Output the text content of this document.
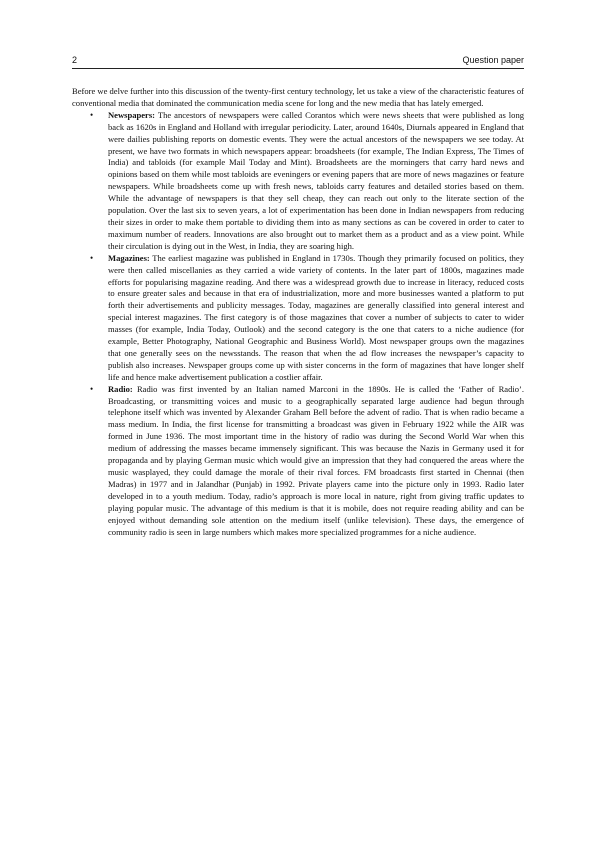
2	Question paper

Before we delve further into this discussion of the twenty-first century technology, let us take a view of the characteristic features of conventional media that dominated the communication media scene for long and the new media that has lately emerged.

• Newspapers: The ancestors of newspapers were called Corantos which were news sheets that were published as long back as 1620s in England and Holland with irregular periodicity. Later, around 1640s, Diurnals appeared in England that were dailies publishing reports on domestic events. They were the actual ancestors of the newspapers we see today. At present, we have two formats in which newspapers appear: broadsheets (for example, The Indian Express, The Times of India) and tabloids (for example Mail Today and Mint). Broadsheets are the morningers that carry hard news and opinions based on them while most tabloids are eveningers or evening papers that are more of news magazines or feature newspapers. While broadsheets come up with fresh news, tabloids carry features and detailed stories based on them. While the advantage of newspapers is that they sell cheap, they can reach out only to the literate section of the population. Over the last six to seven years, a lot of experimentation has been done in Indian newspapers from reducing their sizes in order to make them portable to dividing them into as many sections as can be covered in order to cater to maximum number of readers. Innovations are also brought out to market them as a product and as a view point. While their circulation is dying out in the West, in India, they are soaring high.
• Magazines: The earliest magazine was published in England in 1730s. Though they primarily focused on politics, they were then called miscellanies as they carried a wide variety of contents. In the later part of 1800s, magazines made efforts for popularising magazine reading. And there was a widespread growth due to increase in literacy, reduced costs to ensure greater sales and because in that era of industrialization, more and more businesses wanted a platform to put forth their advertisements and publicity messages. Today, magazines are generally classified into general interest and special interest magazines. The first category is of those magazines that cover a number of subjects to cater to wider masses (for example, India Today, Outlook) and the second category is the one that caters to a niche audience (for example, Better Photography, National Geographic and Business World). Most newspaper groups own the magazines that one generally sees on the newsstands. The reason that when the ad flow increases the newspaper’s capacity to publish also increases. Newspaper groups come up with sister concerns in the form of magazines that have longer shelf life and hence make advertisement publication a costlier affair.
• Radio: Radio was first invented by an Italian named Marconi in the 1890s. He is called the ‘Father of Radio’. Broadcasting, or transmitting voices and music to a geographically separated large audience had begun through telephone itself which was invented by Alexander Graham Bell before the advent of radio. That is when radio became a mass medium. In India, the first license for transmitting a broadcast was given in February 1922 while the AIR was formed in June 1936. The most important time in the history of radio was during the Second World War when this medium of addressing the masses became immensely significant. This was because the Nazis in Germany used it for propaganda and by playing German music which would give an impression that they had conquered the areas where the music wasplayed, they could damage the morale of their rival forces. FM broadcasts first started in Chennai (then Madras) in 1977 and in Jalandhar (Punjab) in 1992. Private players came into the picture only in 1993. Radio later developed in to a youth medium. Today, radio’s approach is more local in nature, right from giving traffic updates to playing popular music. The advantage of this medium is that it is mobile, does not require reading ability and can be enjoyed without demanding sole attention on the medium itself (unlike television). These days, the emergence of community radio is seen in large numbers which makes more specialized programmes for a niche audience.
